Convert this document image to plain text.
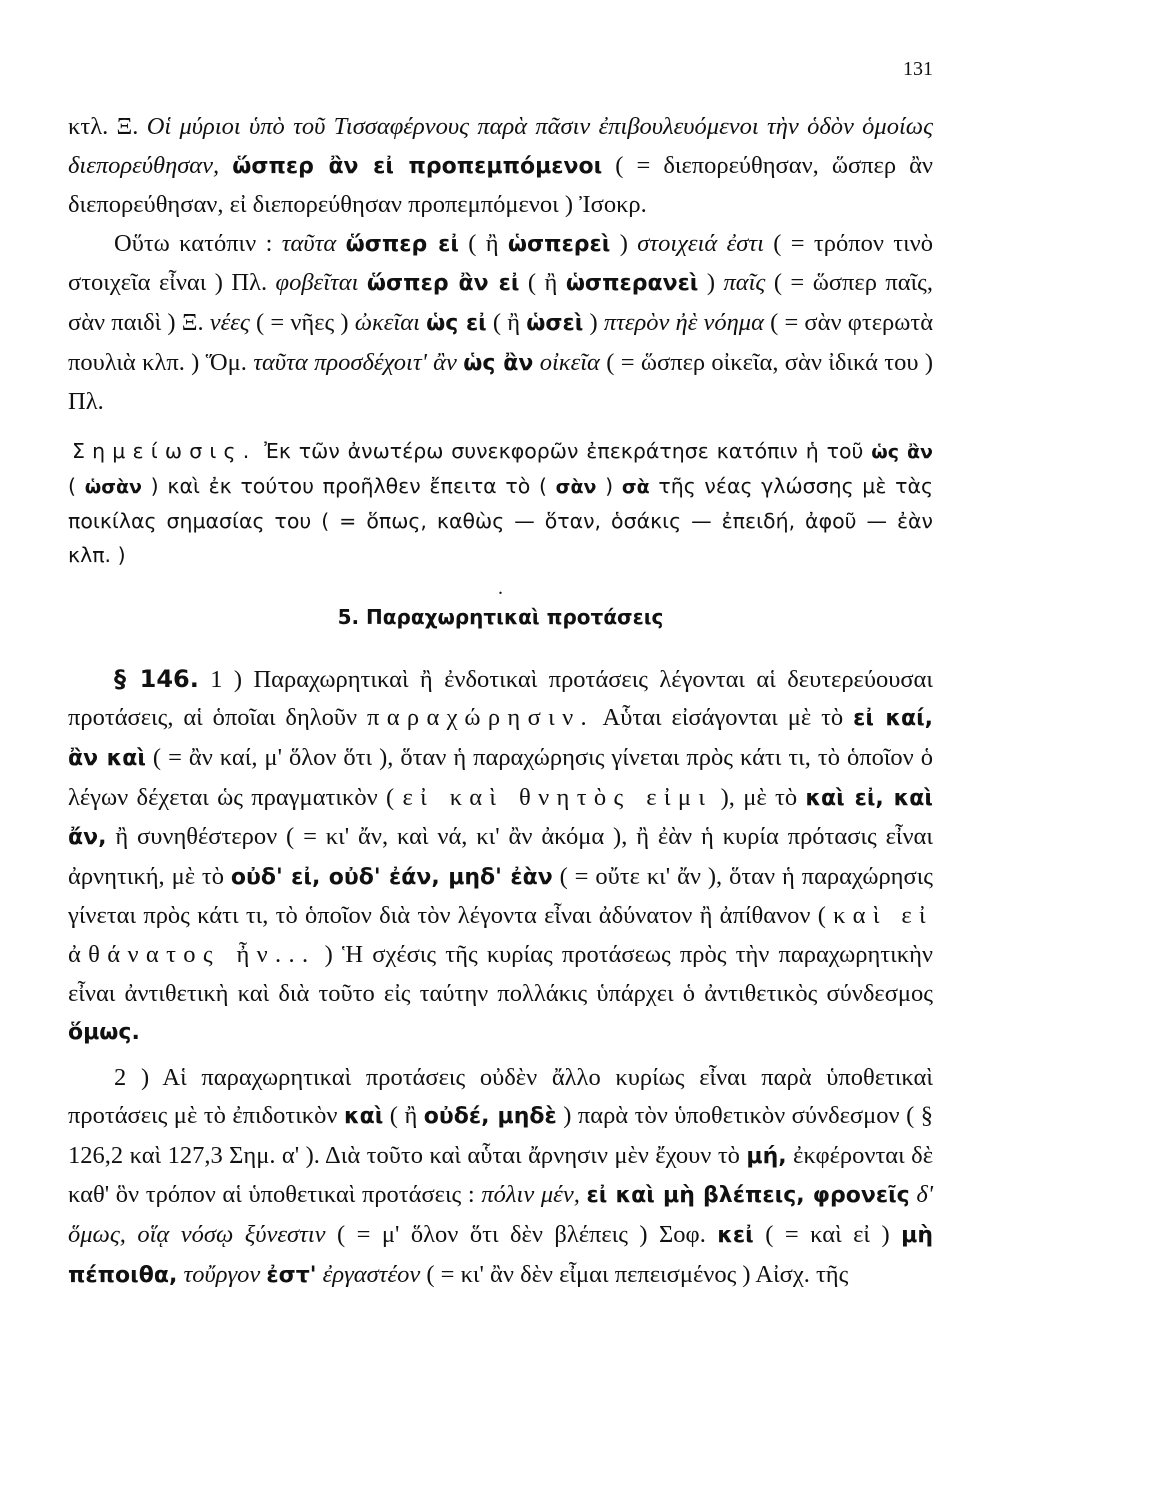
131

κτλ. Ξ. Οἱ μύριοι ὑπὸ τοῦ Τισσαφέρνους παρὰ πᾶσιν ἐπιβουλευόμενοι τὴν ὁδὸν ὁμοίως διεπορεύθησαν, ὥσπερ ἂν εἰ προπεμπόμενοι ( = διεπορεύθησαν, ὥσπερ ἂν διεπορεύθησαν, εἰ διεπορεύθησαν προπεμπόμενοι ) Ἰσοκρ.

Οὕτω κατόπιν : ταῦτα ὥσπερ εἰ ( ἢ ὡσπερεὶ ) στοιχειά ἐστι ( = τρόπον τινὸ στοιχεῖα εἶναι ) Πλ. φοβεῖται ὥσπερ ἂν εἰ ( ἢ ὡσπερανεὶ ) παῖς ( = ὥσπερ παῖς, σὰν παιδὶ ) Ξ. νέες ( = νῆες ) ὠκεῖαι ὡς εἰ ( ἢ ὡσεὶ ) πτερὸν ἠὲ νόημα ( = σὰν φτερωτὰ πουλιὰ κλπ. ) Ὅμ. ταῦτα προσδέχοιτ' ἂν ὡς ἂν οἰκεῖα ( = ὥσπερ οἰκεῖα, σὰν ἰδικά του ) Πλ.

Σημείωσις. Ἐκ τῶν ἀνωτέρω συνεκφορῶν ἐπεκράτησε κατόπιν ἡ τοῦ ὡς ἂν ( ὡσὰν ) καὶ ἐκ τούτου προῆλθεν ἔπειτα τὸ ( σὰν ) σὰ τῆς νέας γλώσσης μὲ τὰς ποικίλας σημασίας του ( = ὅπως, καθὼς — ὅταν, ὁσάκις — ἐπειδή, ἀφοῦ — ἐὰν κλπ. )

.
5. Παραχωρητικαὶ προτάσεις

§ 146. 1 ) Παραχωρητικαὶ ἢ ἐνδοτικαὶ προτάσεις λέγονται αἱ δευτερεύουσαι προτάσεις, αἱ ὁποῖαι δηλοῦν παραχώρησιν. Αὗται εἰσάγονται μὲ τὸ εἰ καί, ἂν καὶ ( = ἂν καί, μ' ὅλον ὅτι ), ὅταν ἡ παραχώρησις γίνεται πρὸς κάτι τι, τὸ ὁποῖον ὁ λέγων δέχεται ὡς πραγματικὸν ( εἰ καὶ θνητὸς εἰμι ), μὲ τὸ καὶ εἰ, καὶ ἄν, ἢ συνηθέστερον ( = κι' ἄν, καὶ νά, κι' ἂν ἀκόμα ), ἢ ἐὰν ἡ κυρία πρότασις εἶναι ἀρνητική, μὲ τὸ οὐδ' εἰ, οὐδ' ἐάν, μηδ' ἐὰν ( = οὔτε κι' ἄν ), ὅταν ἡ παραχώρησις γίνεται πρὸς κάτι τι, τὸ ὁποῖον διὰ τὸν λέγοντα εἶναι ἀδύνατον ἢ ἀπίθανον ( καὶ εἰ ἀθάνατος ἦν... ) Ἡ σχέσις τῆς κυρίας προτάσεως πρὸς τὴν παραχωρητικὴν εἶναι ἀντιθετικὴ καὶ διὰ τοῦτο εἰς ταύτην πολλάκις ὑπάρχει ὁ ἀντιθετικὸς σύνδεσμος ὅμως.

2 ) Αἱ παραχωρητικαὶ προτάσεις οὐδὲν ἄλλο κυρίως εἶναι παρὰ ὑποθετικαὶ προτάσεις μὲ τὸ ἐπιδοτικὸν καὶ ( ἢ οὐδέ, μηδὲ ) παρὰ τὸν ὑποθετικὸν σύνδεσμον ( § 126,2 καὶ 127,3 Σημ. α' ). Διὰ τοῦτο καὶ αὗται ἄρνησιν μὲν ἔχουν τὸ μή, ἐκφέρονται δὲ καθ' ὃν τρόπον αἱ ὑποθετικαὶ προτάσεις : πόλιν μέν, εἰ καὶ μὴ βλέπεις, φρονεῖς δ' ὅμως, οἵᾳ νόσῳ ξύνεστιν ( = μ' ὅλον ὅτι δὲν βλέπεις ) Σοφ. κεἰ ( = καὶ εἰ ) μὴ πέποιθα, τοὔργον ἐστ' ἐργαστέον ( = κι' ἂν δὲν εἶμαι πεπεισμένος ) Αἰσχ. τῆς
